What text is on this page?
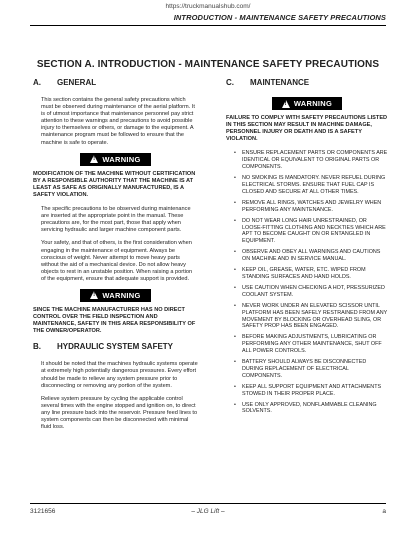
https://truckmanualshub.com/
INTRODUCTION - MAINTENANCE SAFETY PRECAUTIONS
SECTION A. INTRODUCTION - MAINTENANCE SAFETY PRECAUTIONS
A.	GENERAL

This section contains the general safety precautions which must be observed during maintenance of the aerial platform. It is of utmost importance that maintenance personnel pay strict attention to these warnings and precautions to avoid possible injury to themselves or others, or damage to the equipment. A maintenance program must be followed to ensure that the machine is safe to operate.

! WARNING

MODIFICATION OF THE MACHINE WITHOUT CERTIFICATION BY A RESPONSIBLE AUTHORITY THAT THE MACHINE IS AT LEAST AS SAFE AS ORIGINALLY MANUFACTURED, IS A SAFETY VIOLATION.

The specific precautions to be observed during maintenance are inserted at the appropriate point in the manual. These precautions are, for the most part, those that apply when servicing hydraulic and larger machine component parts.

Your safety, and that of others, is the first consideration when engaging in the maintenance of equipment. Always be conscious of weight. Never attempt to move heavy parts without the aid of a mechanical device. Do not allow heavy objects to rest in an unstable position. When raising a portion of the equipment, ensure that adequate support is provided.

! WARNING

SINCE THE MACHINE MANUFACTURER HAS NO DIRECT CONTROL OVER THE FIELD INSPECTION AND MAINTENANCE, SAFETY IN THIS AREA RESPONSIBILITY OF THE OWNER/OPERATOR.

B.	HYDRAULIC SYSTEM SAFETY

It should be noted that the machines hydraulic systems operate at extremely high potentially dangerous pressures. Every effort should be made to relieve any system pressure prior to disconnecting or removing any portion of the system.

Relieve system pressure by cycling the applicable control several times with the engine stopped and ignition on, to direct any line pressure back into the reservoir. Pressure feed lines to system components can then be disconnected with minimal fluid loss.

C.	MAINTENANCE
! WARNING

FAILURE TO COMPLY WITH SAFETY PRECAUTIONS LISTED IN THIS SECTION MAY RESULT IN MACHINE DAMAGE, PERSONNEL INJURY OR DEATH AND IS A SAFETY VIOLATION.

• ENSURE REPLACEMENT PARTS OR COMPONENTS ARE IDENTICAL OR EQUIVALENT TO ORIGINAL PARTS OR COMPONENTS.
• NO SMOKING IS MANDATORY. NEVER REFUEL DURING ELECTRICAL STORMS. ENSURE THAT FUEL CAP IS CLOSED AND SECURE AT ALL OTHER TIMES.
• REMOVE ALL RINGS, WATCHES AND JEWELRY WHEN PERFORMING ANY MAINTENANCE.
• DO NOT WEAR LONG HAIR UNRESTRAINED, OR LOOSE-FITTING CLOTHING AND NECKTIES WHICH ARE APT TO BECOME CAUGHT ON OR ENTANGLED IN EQUIPMENT.
• OBSERVE AND OBEY ALL WARNINGS AND CAUTIONS ON MACHINE AND IN SERVICE MANUAL.
• KEEP OIL, GREASE, WATER, ETC. WIPED FROM STANDING SURFACES AND HAND HOLDS.
• USE CAUTION WHEN CHECKING A HOT, PRESSURIZED COOLANT SYSTEM.
• NEVER WORK UNDER AN ELEVATED SCISSOR UNTIL PLATFORM HAS BEEN SAFELY RESTRAINED FROM ANY MOVEMENT BY BLOCKING OR OVERHEAD SLING, OR SAFETY PROP HAS BEEN ENGAGED.
• BEFORE MAKING ADJUSTMENTS, LUBRICATING OR PERFORMING ANY OTHER MAINTENANCE, SHUT OFF ALL POWER CONTROLS.
• BATTERY SHOULD ALWAYS BE DISCONNECTED DURING REPLACEMENT OF ELECTRICAL COMPONENTS.
• KEEP ALL SUPPORT EQUIPMENT AND ATTACHMENTS STOWED IN THEIR PROPER PLACE.
• USE ONLY APPROVED, NONFLAMMABLE CLEANING SOLVENTS.
3121656	– JLG Lift –	a
